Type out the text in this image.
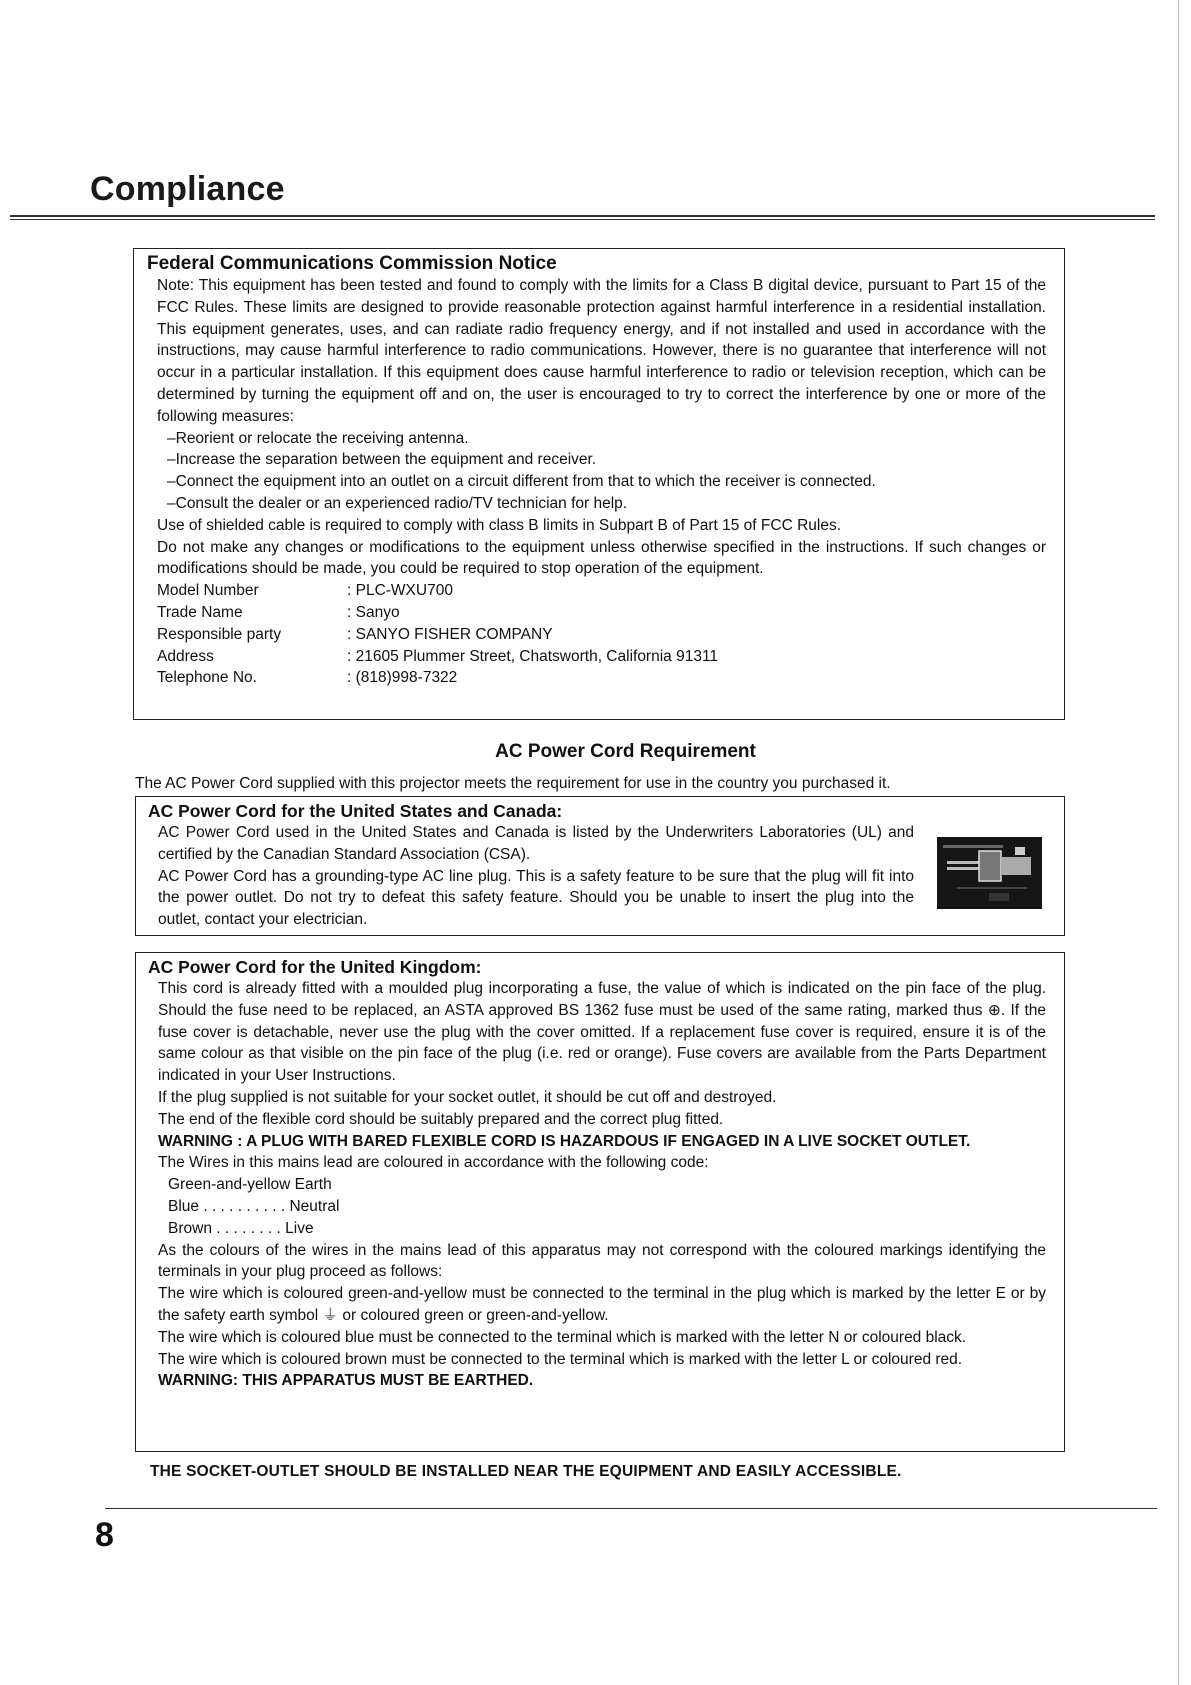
Compliance
Federal Communications Commission Notice

Note: This equipment has been tested and found to comply with the limits for a Class B digital device, pursuant to Part 15 of the FCC Rules. These limits are designed to provide reasonable protection against harmful interference in a residential installation. This equipment generates, uses, and can radiate radio frequency energy, and if not installed and used in accordance with the instructions, may cause harmful interference to radio communications. However, there is no guarantee that interference will not occur in a particular installation. If this equipment does cause harmful interference to radio or television reception, which can be determined by turning the equipment off and on, the user is encouraged to try to correct the interference by one or more of the following measures:

–Reorient or relocate the receiving antenna.
–Increase the separation between the equipment and receiver.
–Connect the equipment into an outlet on a circuit different from that to which the receiver is connected.
–Consult the dealer or an experienced radio/TV technician for help.

Use of shielded cable is required to comply with class B limits in Subpart B of Part 15 of FCC Rules.

Do not make any changes or modifications to the equipment unless otherwise specified in the instructions. If such changes or modifications should be made, you could be required to stop operation of the equipment.

Model Number	: PLC-WXU700
Trade Name	: Sanyo
Responsible party	: SANYO FISHER COMPANY
Address	: 21605 Plummer Street, Chatsworth, California 91311
Telephone No.	: (818)998-7322
AC Power Cord Requirement
The AC Power Cord supplied with this projector meets the requirement for use in the country you purchased it.
AC Power Cord for the United States and Canada:

AC Power Cord used in the United States and Canada is listed by the Underwriters Laboratories (UL) and certified by the Canadian Standard Association (CSA).

AC Power Cord has a grounding-type AC line plug. This is a safety feature to be sure that the plug will fit into the power outlet. Do not try to defeat this safety feature. Should you be unable to insert the plug into the outlet, contact your electrician.

AC Power Cord for the United Kingdom:

This cord is already fitted with a moulded plug incorporating a fuse, the value of which is indicated on the pin face of the plug. Should the fuse need to be replaced, an ASTA approved BS 1362 fuse must be used of the same rating, marked thus ⊕. If the fuse cover is detachable, never use the plug with the cover omitted. If a replacement fuse cover is required, ensure it is of the same colour as that visible on the pin face of the plug (i.e. red or orange). Fuse covers are available from the Parts Department indicated in your User Instructions.

If the plug supplied is not suitable for your socket outlet, it should be cut off and destroyed.

The end of the flexible cord should be suitably prepared and the correct plug fitted.

WARNING : A PLUG WITH BARED FLEXIBLE CORD IS HAZARDOUS IF ENGAGED IN A LIVE SOCKET OUTLET.

The Wires in this mains lead are coloured in accordance with the following code:

Green-and-yellow Earth
Blue . . . . . . . . . . Neutral
Brown . . . . . . . . Live

As the colours of the wires in the mains lead of this apparatus may not correspond with the coloured markings identifying the terminals in your plug proceed as follows:

The wire which is coloured green-and-yellow must be connected to the terminal in the plug which is marked by the letter E or by the safety earth symbol ⏚ or coloured green or green-and-yellow.

The wire which is coloured blue must be connected to the terminal which is marked with the letter N or coloured black.

The wire which is coloured brown must be connected to the terminal which is marked with the letter L or coloured red.

WARNING: THIS APPARATUS MUST BE EARTHED.

THE SOCKET-OUTLET SHOULD BE INSTALLED NEAR THE EQUIPMENT AND EASILY ACCESSIBLE.
8
